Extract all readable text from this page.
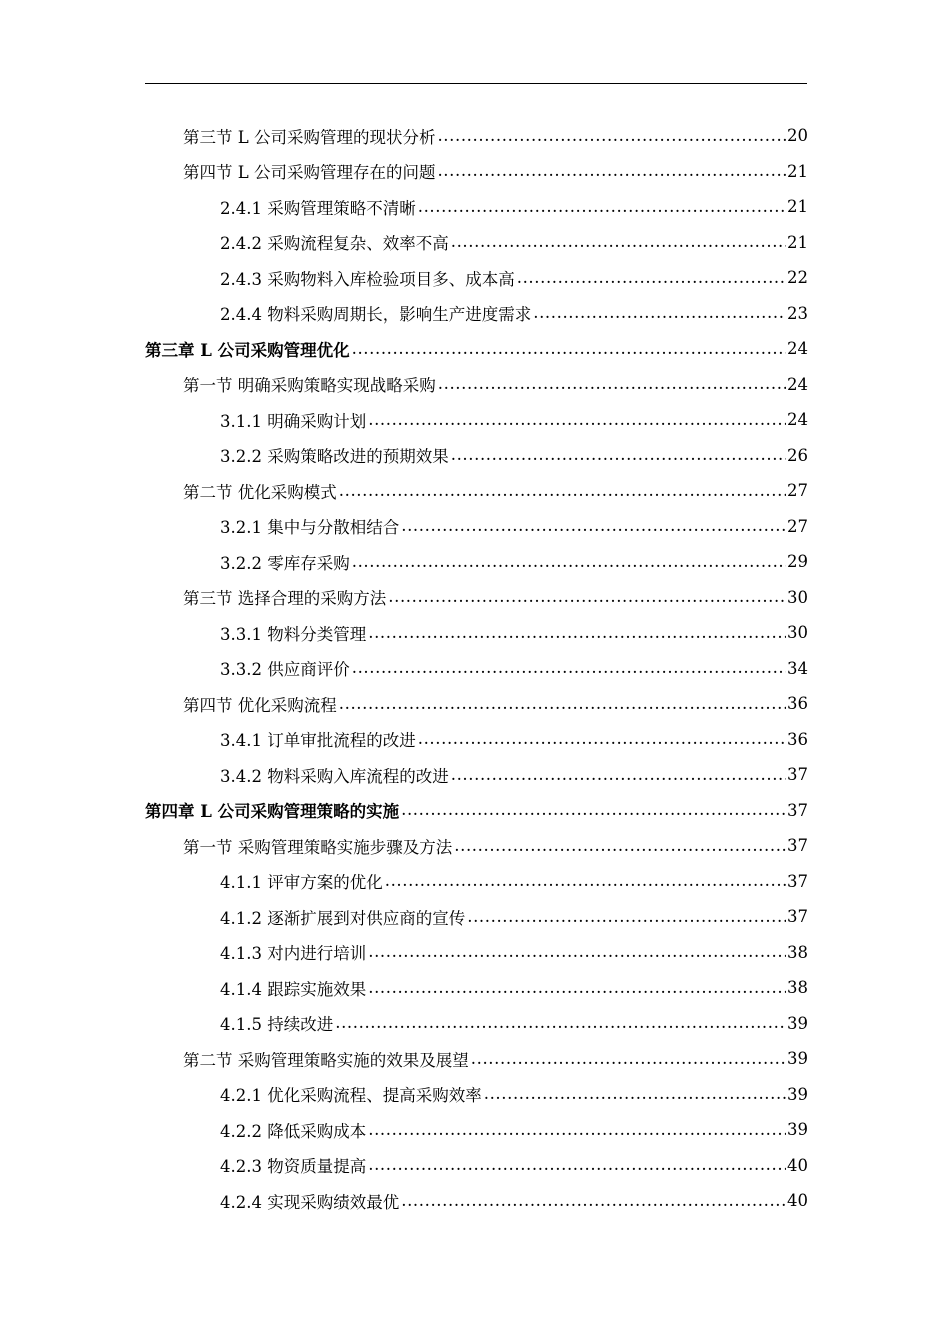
第三节 L 公司采购管理的现状分析 .....	20
第四节 L 公司采购管理存在的问题 .....	21
2.4.1 采购管理策略不清晰 .....	21
2.4.2 采购流程复杂、效率不高 .....	21
2.4.3 采购物料入库检验项目多、成本高 .....	22
2.4.4 物料采购周期长，影响生产进度需求 .....	23
第三章 L 公司采购管理优化 .....	24
第一节 明确采购策略实现战略采购 .....	24
3.1.1 明确采购计划 .....	24
3.2.2 采购策略改进的预期效果 .....	26
第二节 优化采购模式 .....	27
3.2.1 集中与分散相结合 .....	27
3.2.2 零库存采购 .....	29
第三节 选择合理的采购方法 .....	30
3.3.1 物料分类管理 .....	30
3.3.2 供应商评价 .....	34
第四节 优化采购流程 .....	36
3.4.1 订单审批流程的改进 .....	36
3.4.2 物料采购入库流程的改进 .....	37
第四章 L 公司采购管理策略的实施 .....	37
第一节 采购管理策略实施步骤及方法 .....	37
4.1.1 评审方案的优化 .....	37
4.1.2 逐渐扩展到对供应商的宣传 .....	37
4.1.3 对内进行培训 .....	38
4.1.4 跟踪实施效果 .....	38
4.1.5 持续改进 .....	39
第二节 采购管理策略实施的效果及展望 .....	39
4.2.1 优化采购流程、提高采购效率 .....	39
4.2.2 降低采购成本 .....	39
4.2.3 物资质量提高 .....	40
4.2.4 实现采购绩效最优 .....	40
